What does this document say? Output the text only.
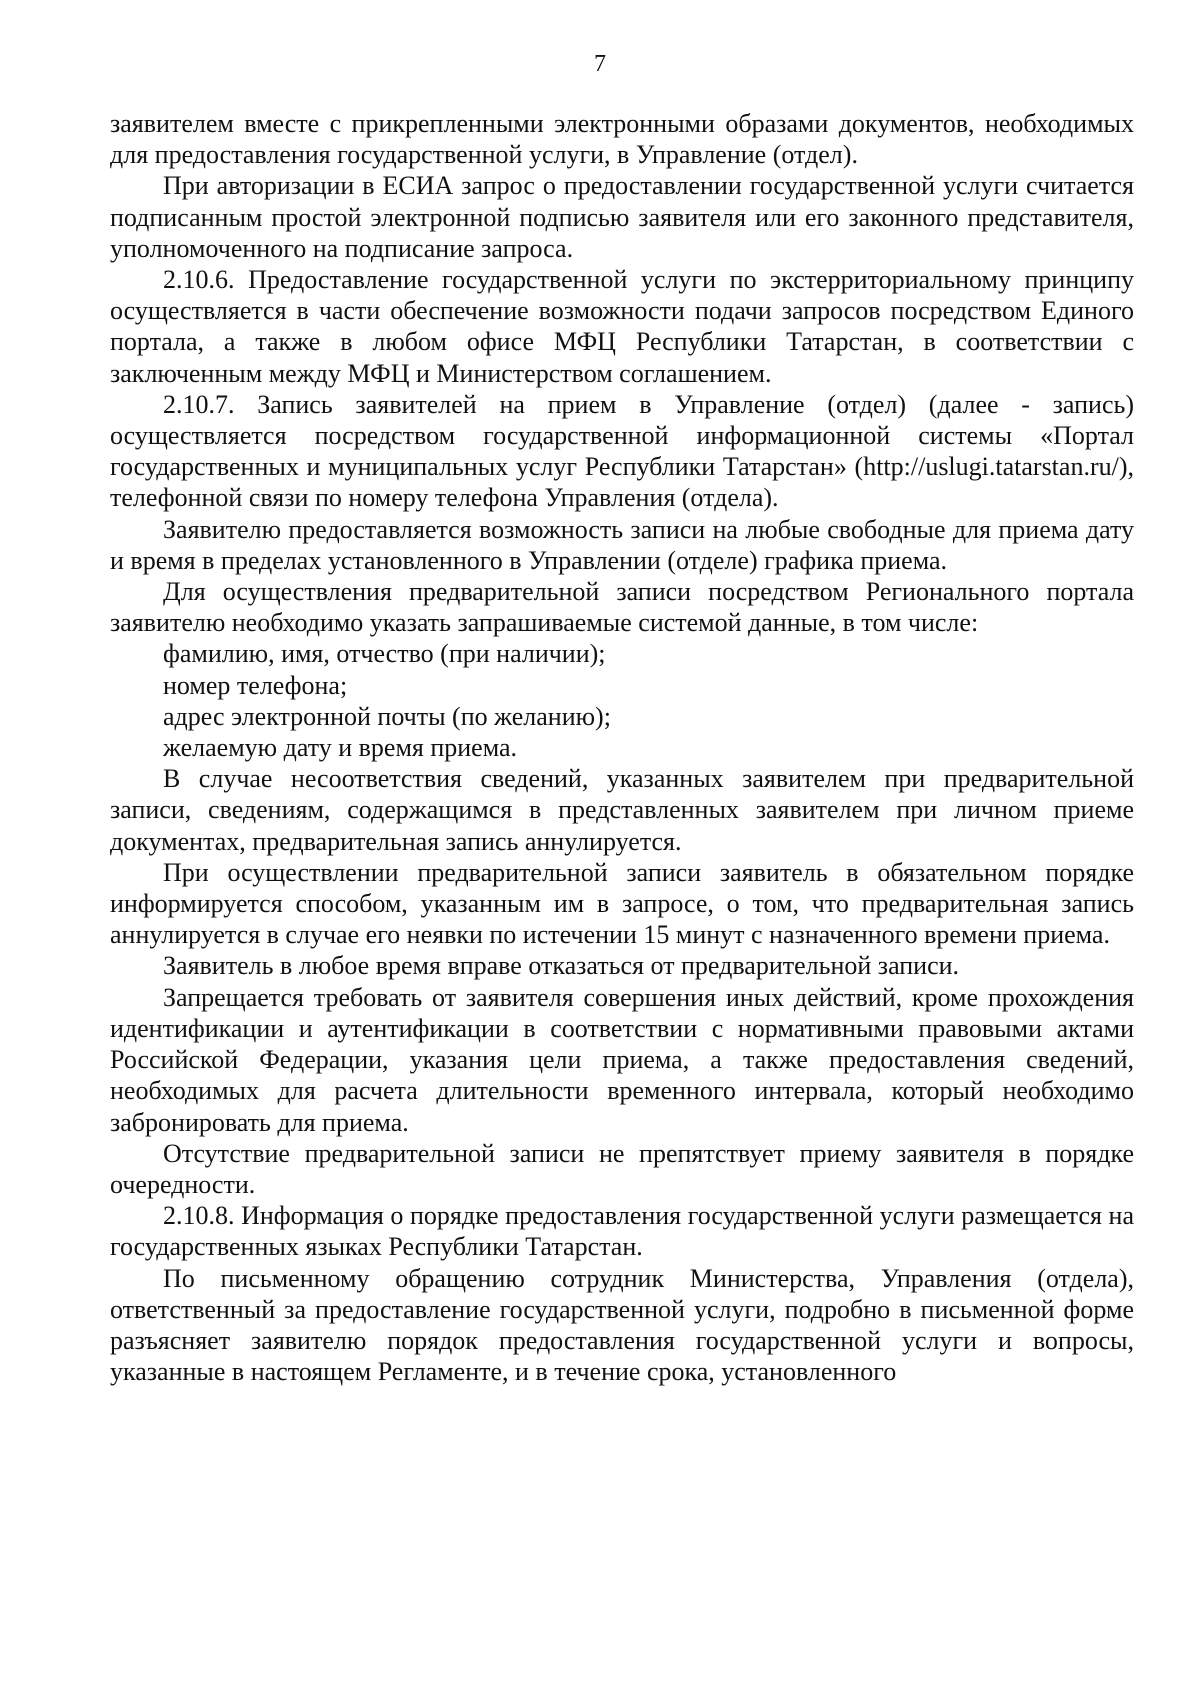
7

заявителем вместе с прикрепленными электронными образами документов, необходимых для предоставления государственной услуги, в Управление (отдел).

При авторизации в ЕСИА запрос о предоставлении государственной услуги считается подписанным простой электронной подписью заявителя или его законного представителя, уполномоченного на подписание запроса.

2.10.6. Предоставление государственной услуги по экстерриториальному принципу осуществляется в части обеспечение возможности подачи запросов посредством Единого портала, а также в любом офисе МФЦ Республики Татарстан, в соответствии с заключенным между МФЦ и Министерством соглашением.

2.10.7. Запись заявителей на прием в Управление (отдел) (далее - запись) осуществляется посредством государственной информационной системы «Портал государственных и муниципальных услуг Республики Татарстан» (http://uslugi.tatarstan.ru/), телефонной связи по номеру телефона Управления (отдела).

Заявителю предоставляется возможность записи на любые свободные для приема дату и время в пределах установленного в Управлении (отделе) графика приема.

Для осуществления предварительной записи посредством Регионального портала заявителю необходимо указать запрашиваемые системой данные, в том числе:

фамилию, имя, отчество (при наличии);

номер телефона;

адрес электронной почты (по желанию);

желаемую дату и время приема.

В случае несоответствия сведений, указанных заявителем при предварительной записи, сведениям, содержащимся в представленных заявителем при личном приеме документах, предварительная запись аннулируется.

При осуществлении предварительной записи заявитель в обязательном порядке информируется способом, указанным им в запросе, о том, что предварительная запись аннулируется в случае его неявки по истечении 15 минут с назначенного времени приема.

Заявитель в любое время вправе отказаться от предварительной записи.

Запрещается требовать от заявителя совершения иных действий, кроме прохождения идентификации и аутентификации в соответствии с нормативными правовыми актами Российской Федерации, указания цели приема, а также предоставления сведений, необходимых для расчета длительности временного интервала, который необходимо забронировать для приема.

Отсутствие предварительной записи не препятствует приему заявителя в порядке очередности.

2.10.8. Информация о порядке предоставления государственной услуги размещается на государственных языках Республики Татарстан.

По письменному обращению сотрудник Министерства, Управления (отдела), ответственный за предоставление государственной услуги, подробно в письменной форме разъясняет заявителю порядок предоставления государственной услуги и вопросы, указанные в настоящем Регламенте, и в течение срока, установленного
